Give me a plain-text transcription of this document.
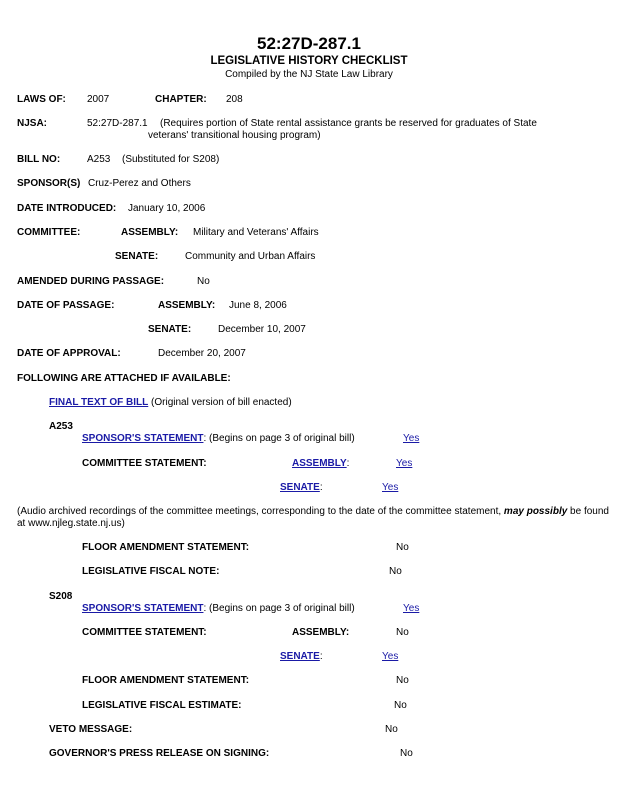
52:27D-287.1
LEGISLATIVE HISTORY CHECKLIST
Compiled by the NJ State Law Library
LAWS OF: 2007	CHAPTER: 208
NJSA:	52:27D-287.1 (Requires portion of State rental assistance grants be reserved for graduates of State
veterans' transitional housing program)
BILL NO:	A253 (Substituted for S208)
SPONSOR(S) Cruz-Perez and Others
DATE INTRODUCED: January 10, 2006
COMMITTEE:	ASSEMBLY: Military and Veterans' Affairs
SENATE:	Community and Urban Affairs
AMENDED DURING PASSAGE:	No
DATE OF PASSAGE:	ASSEMBLY: June 8, 2006
SENATE:	December 10, 2007
DATE OF APPROVAL:	December 20, 2007
FOLLOWING ARE ATTACHED IF AVAILABLE:
FINAL TEXT OF BILL (Original version of bill enacted)
A253
SPONSOR'S STATEMENT: (Begins on page 3 of original bill)	Yes
COMMITTEE STATEMENT:	ASSEMBLY:	Yes
SENATE:	Yes
(Audio archived recordings of the committee meetings, corresponding to the date of the committee statement, may possibly be found
at www.njleg.state.nj.us)
FLOOR AMENDMENT STATEMENT:	No
LEGISLATIVE FISCAL NOTE:	No
S208
SPONSOR'S STATEMENT: (Begins on page 3 of original bill)	Yes
COMMITTEE STATEMENT:	ASSEMBLY:	No
SENATE:	Yes
FLOOR AMENDMENT STATEMENT:	No
LEGISLATIVE FISCAL ESTIMATE:	No
VETO MESSAGE:	No
GOVERNOR'S PRESS RELEASE ON SIGNING:	No
